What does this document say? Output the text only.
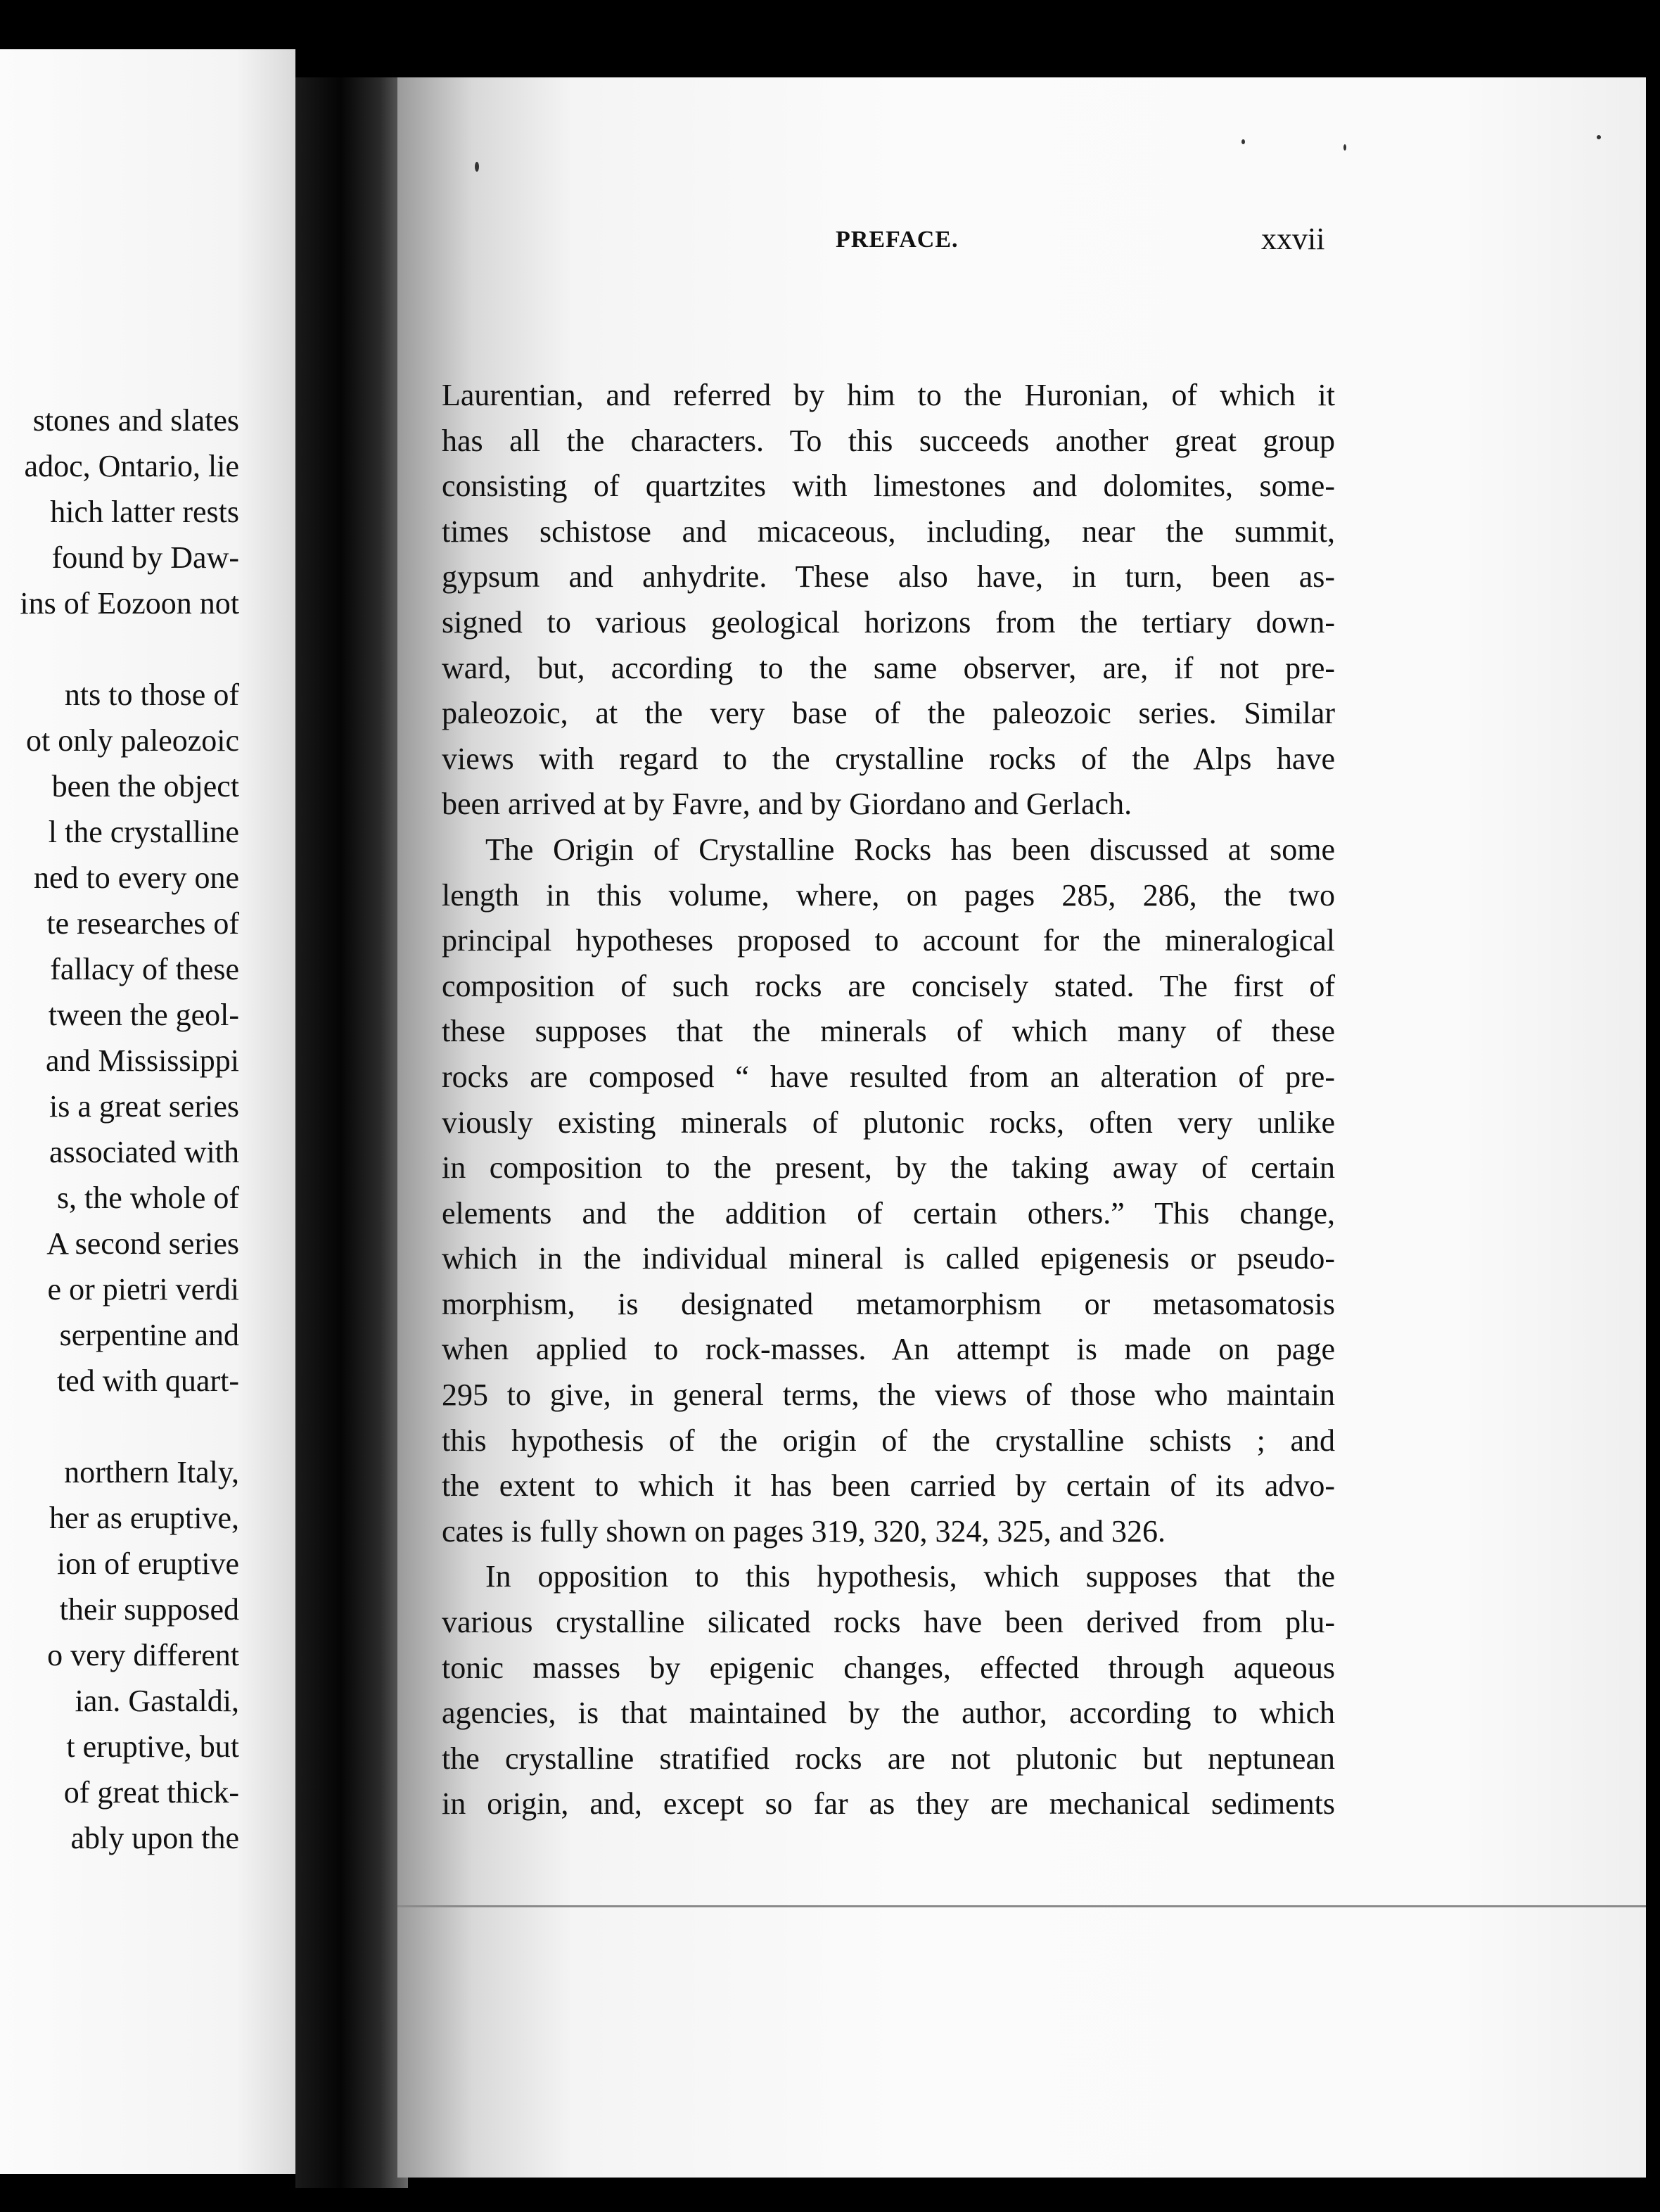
stones and slates
adoc, Ontario, lie
hich latter rests
found by Daw-
ins of Eozoon not
nts to those of
ot only paleozoic
been the object
l the crystalline
ned to every one
te researches of
fallacy of these
tween the geol-
and Mississippi
is a great series
associated with
s, the whole of
A second series
e or pietri verdi
serpentine and
ted with quart-
northern Italy,
her as eruptive,
ion of eruptive
their supposed
o very different
ian. Gastaldi,
t eruptive, but
of great thick-
ably upon the
PREFACE.	xxvii
Laurentian, and referred by him to the Huronian, of which it
has all the characters. To this succeeds another great group
consisting of quartzites with limestones and dolomites, some-
times schistose and micaceous, including, near the summit,
gypsum and anhydrite. These also have, in turn, been as-
signed to various geological horizons from the tertiary down-
ward, but, according to the same observer, are, if not pre-
paleozoic, at the very base of the paleozoic series. Similar
views with regard to the crystalline rocks of the Alps have
been arrived at by Favre, and by Giordano and Gerlach.
The Origin of Crystalline Rocks has been discussed at some
length in this volume, where, on pages 285, 286, the two
principal hypotheses proposed to account for the mineralogical
composition of such rocks are concisely stated. The first of
these supposes that the minerals of which many of these
rocks are composed “ have resulted from an alteration of pre-
viously existing minerals of plutonic rocks, often very unlike
in composition to the present, by the taking away of certain
elements and the addition of certain others.” This change,
which in the individual mineral is called epigenesis or pseudo-
morphism, is designated metamorphism or metasomatosis
when applied to rock-masses. An attempt is made on page
295 to give, in general terms, the views of those who maintain
this hypothesis of the origin of the crystalline schists ; and
the extent to which it has been carried by certain of its advo-
cates is fully shown on pages 319, 320, 324, 325, and 326.
In opposition to this hypothesis, which supposes that the
various crystalline silicated rocks have been derived from plu-
tonic masses by epigenic changes, effected through aqueous
agencies, is that maintained by the author, according to which
the crystalline stratified rocks are not plutonic but neptunean
in origin, and, except so far as they are mechanical sediments
